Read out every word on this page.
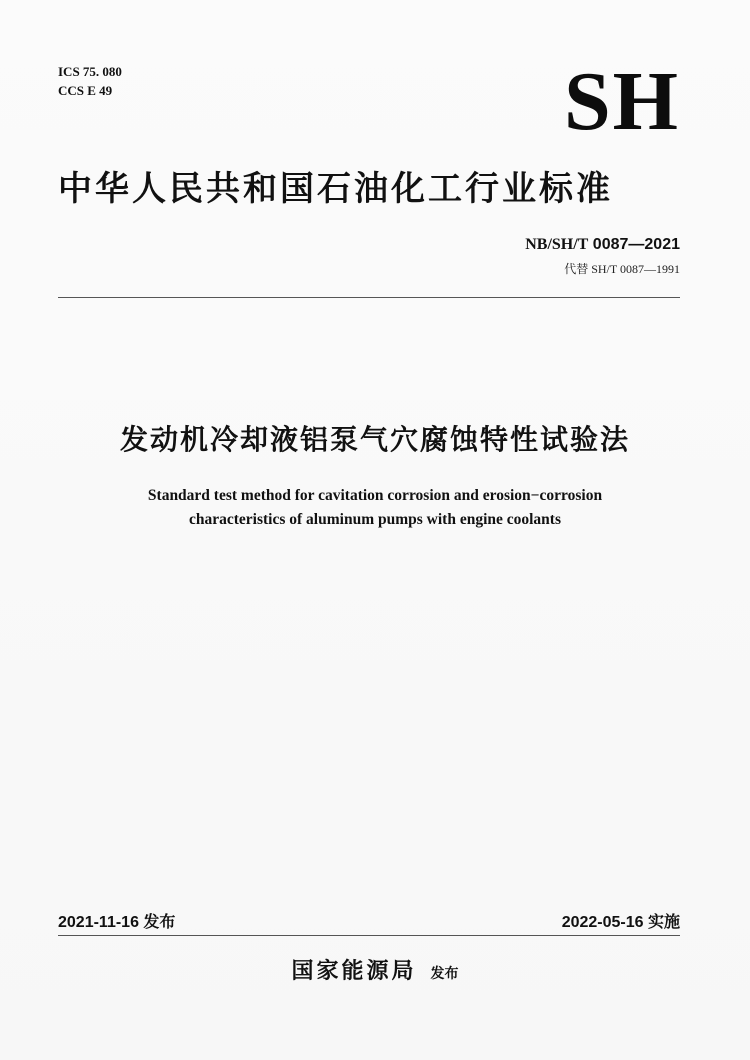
ICS 75. 080
CCS E 49	SH
中华人民共和国石油化工行业标准
NB/SH/T 0087—2021
代替 SH/T 0087—1991
发动机冷却液铝泵气穴腐蚀特性试验法
Standard test method for cavitation corrosion and erosion−corrosion
characteristics of aluminum pumps with engine coolants
2021-11-16 发布	2022-05-16 实施
国家能源局 发布
